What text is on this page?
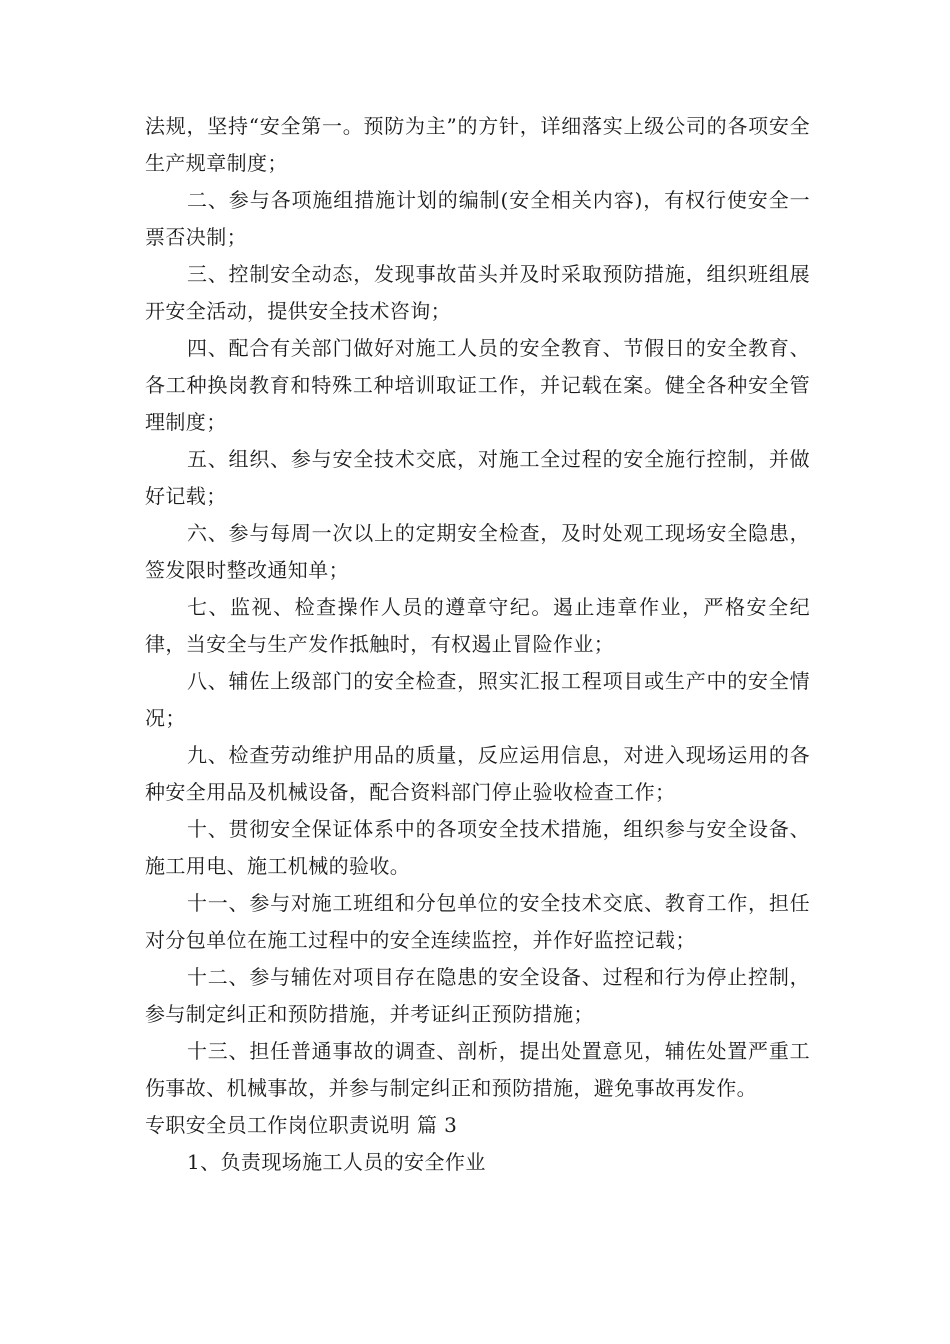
法规，坚持“安全第一。预防为主”的方针，详细落实上级公司的各项安全生产规章制度；

二、参与各项施组措施计划的编制(安全相关内容)，有权行使安全一票否决制；

三、控制安全动态，发现事故苗头并及时采取预防措施，组织班组展开安全活动，提供安全技术咨询；

四、配合有关部门做好对施工人员的安全教育、节假日的安全教育、各工种换岗教育和特殊工种培训取证工作，并记载在案。健全各种安全管理制度；

五、组织、参与安全技术交底，对施工全过程的安全施行控制，并做好记载；

六、参与每周一次以上的定期安全检查，及时处观工现场安全隐患，签发限时整改通知单；

七、监视、检查操作人员的遵章守纪。遏止违章作业，严格安全纪律，当安全与生产发作抵触时，有权遏止冒险作业；

八、辅佐上级部门的安全检查，照实汇报工程项目或生产中的安全情况；

九、检查劳动维护用品的质量，反应运用信息，对进入现场运用的各种安全用品及机械设备，配合资料部门停止验收检查工作；

十、贯彻安全保证体系中的各项安全技术措施，组织参与安全设备、施工用电、施工机械的验收。

十一、参与对施工班组和分包单位的安全技术交底、教育工作，担任对分包单位在施工过程中的安全连续监控，并作好监控记载；

十二、参与辅佐对项目存在隐患的安全设备、过程和行为停止控制，参与制定纠正和预防措施，并考证纠正预防措施；

十三、担任普通事故的调查、剖析，提出处置意见，辅佐处置严重工伤事故、机械事故，并参与制定纠正和预防措施，避免事故再发作。

专职安全员工作岗位职责说明 篇 3

1、负责现场施工人员的安全作业
